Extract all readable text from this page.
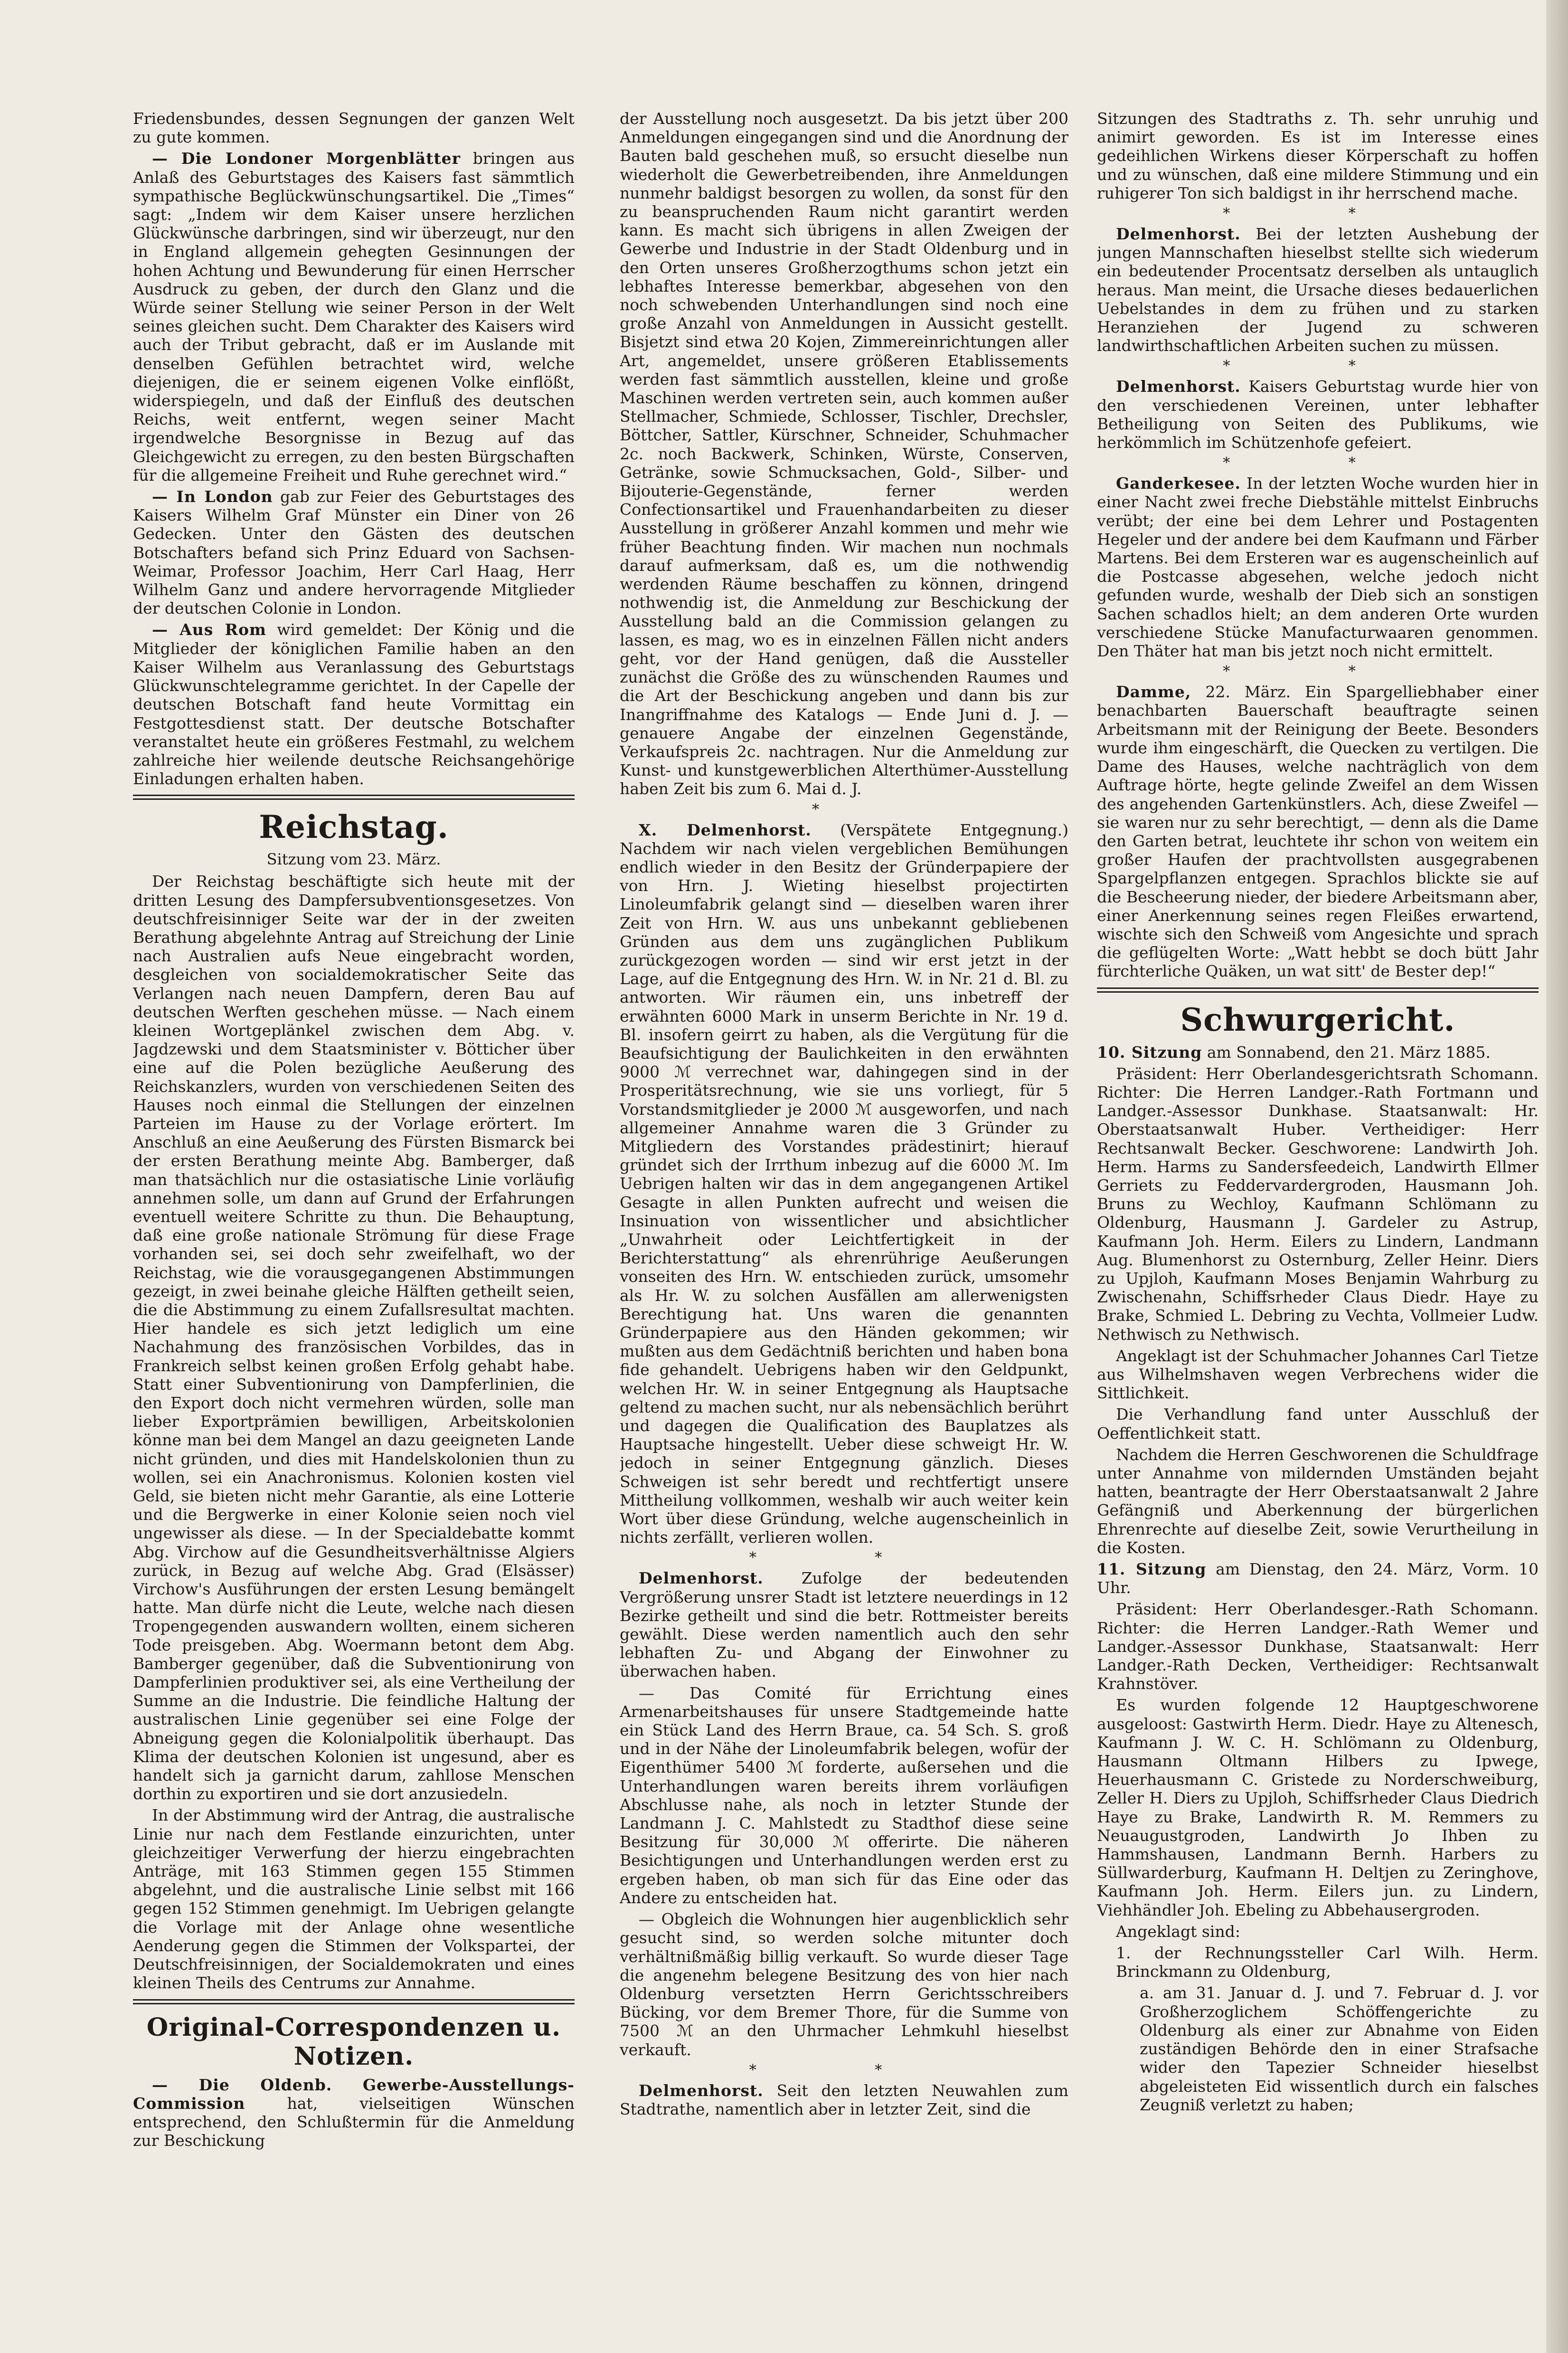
Friedensbundes, dessen Segnungen der ganzen Welt zu gute kommen.

— Die Londoner Morgenblätter bringen aus Anlaß des Geburtstages des Kaisers fast sämmtlich sympathische Beglückwünschungsartikel. Die „Times“ sagt: „Indem wir dem Kaiser unsere herzlichen Glückwünsche darbringen, sind wir überzeugt, nur den in England allgemein gehegten Gesinnungen der hohen Achtung und Bewunderung für einen Herrscher Ausdruck zu geben, der durch den Glanz und die Würde seiner Stellung wie seiner Person in der Welt seines gleichen sucht. Dem Charakter des Kaisers wird auch der Tribut gebracht, daß er im Auslande mit denselben Gefühlen betrachtet wird, welche diejenigen, die er seinem eigenen Volke einflößt, widerspiegeln, und daß der Einfluß des deutschen Reichs, weit entfernt, wegen seiner Macht irgendwelche Besorgnisse in Bezug auf das Gleichgewicht zu erregen, zu den besten Bürgschaften für die allgemeine Freiheit und Ruhe gerechnet wird.“

— In London gab zur Feier des Geburtstages des Kaisers Wilhelm Graf Münster ein Diner von 26 Gedecken. Unter den Gästen des deutschen Botschafters befand sich Prinz Eduard von Sachsen-Weimar, Professor Joachim, Herr Carl Haag, Herr Wilhelm Ganz und andere hervorragende Mitglieder der deutschen Colonie in London.

— Aus Rom wird gemeldet: Der König und die Mitglieder der königlichen Familie haben an den Kaiser Wilhelm aus Veranlassung des Geburtstags Glückwunschtelegramme gerichtet. In der Capelle der deutschen Botschaft fand heute Vormittag ein Festgottesdienst statt. Der deutsche Botschafter veranstaltet heute ein größeres Festmahl, zu welchem zahlreiche hier weilende deutsche Reichsangehörige Einladungen erhalten haben.

Reichstag.
Sitzung vom 23. März.

Der Reichstag beschäftigte sich heute mit der dritten Lesung des Dampfersubventionsgesetzes. Von deutschfreisinniger Seite war der in der zweiten Berathung abgelehnte Antrag auf Streichung der Linie nach Australien aufs Neue eingebracht worden, desgleichen von socialdemokratischer Seite das Verlangen nach neuen Dampfern, deren Bau auf deutschen Werften geschehen müsse. — Nach einem kleinen Wortgeplänkel zwischen dem Abg. v. Jagdzewski und dem Staatsminister v. Bötticher über eine auf die Polen bezügliche Aeußerung des Reichskanzlers, wurden von verschiedenen Seiten des Hauses noch einmal die Stellungen der einzelnen Parteien im Hause zu der Vorlage erörtert. Im Anschluß an eine Aeußerung des Fürsten Bismarck bei der ersten Berathung meinte Abg. Bamberger, daß man thatsächlich nur die ostasiatische Linie vorläufig annehmen solle, um dann auf Grund der Erfahrungen eventuell weitere Schritte zu thun. Die Behauptung, daß eine große nationale Strömung für diese Frage vorhanden sei, sei doch sehr zweifelhaft, wo der Reichstag, wie die vorausgegangenen Abstimmungen gezeigt, in zwei beinahe gleiche Hälften getheilt seien, die die Abstimmung zu einem Zufallsresultat machten. Hier handele es sich jetzt lediglich um eine Nachahmung des französischen Vorbildes, das in Frankreich selbst keinen großen Erfolg gehabt habe. Statt einer Subventionirung von Dampferlinien, die den Export doch nicht vermehren würden, solle man lieber Exportprämien bewilligen, Arbeitskolonien könne man bei dem Mangel an dazu geeigneten Lande nicht gründen, und dies mit Handelskolonien thun zu wollen, sei ein Anachronismus. Kolonien kosten viel Geld, sie bieten nicht mehr Garantie, als eine Lotterie und die Bergwerke in einer Kolonie seien noch viel ungewisser als diese. — In der Specialdebatte kommt Abg. Virchow auf die Gesundheitsverhältnisse Algiers zurück, in Bezug auf welche Abg. Grad (Elsässer) Virchow's Ausführungen der ersten Lesung bemängelt hatte. Man dürfe nicht die Leute, welche nach diesen Tropengegenden auswandern wollten, einem sicheren Tode preisgeben. Abg. Woermann betont dem Abg. Bamberger gegenüber, daß die Subventionirung von Dampferlinien produktiver sei, als eine Vertheilung der Summe an die Industrie. Die feindliche Haltung der australischen Linie gegenüber sei eine Folge der Abneigung gegen die Kolonialpolitik überhaupt. Das Klima der deutschen Kolonien ist ungesund, aber es handelt sich ja garnicht darum, zahllose Menschen dorthin zu exportiren und sie dort anzusiedeln.

In der Abstimmung wird der Antrag, die australische Linie nur nach dem Festlande einzurichten, unter gleichzeitiger Verwerfung der hierzu eingebrachten Anträge, mit 163 Stimmen gegen 155 Stimmen abgelehnt, und die australische Linie selbst mit 166 gegen 152 Stimmen genehmigt. Im Uebrigen gelangte die Vorlage mit der Anlage ohne wesentliche Aenderung gegen die Stimmen der Volkspartei, der Deutschfreisinnigen, der Socialdemokraten und eines kleinen Theils des Centrums zur Annahme.

Original-Correspondenzen u. Notizen.

— Die Oldenb. Gewerbe-Ausstellungs-Commission	hat, vielseitigen Wünschen entsprechend, den Schlußtermin für die Anmeldung zur Beschickung

der Ausstellung noch ausgesetzt. Da bis jetzt über 200 Anmeldungen eingegangen sind und die Anordnung der Bauten bald geschehen muß, so ersucht dieselbe nun wiederholt die Gewerbetreibenden, ihre Anmeldungen nunmehr baldigst besorgen zu wollen, da sonst für den zu beanspruchenden Raum nicht garantirt werden kann. Es macht sich übrigens in allen Zweigen der Gewerbe und Industrie in der Stadt Oldenburg und in den Orten unseres Großherzogthums schon jetzt ein lebhaftes Interesse bemerkbar, abgesehen von den noch schwebenden Unterhandlungen sind noch eine große Anzahl von Anmeldungen in Aussicht gestellt. Bisjetzt sind etwa 20 Kojen, Zimmereinrichtungen aller Art, angemeldet, unsere größeren Etablissements werden fast sämmtlich ausstellen, kleine und große Maschinen werden vertreten sein, auch kommen außer Stellmacher, Schmiede, Schlosser, Tischler, Drechsler, Böttcher, Sattler, Kürschner, Schneider, Schuhmacher 2c. noch Backwerk, Schinken, Würste, Conserven, Getränke, sowie Schmucksachen, Gold-, Silber- und Bijouterie-Gegenstände, ferner werden Confectionsartikel und Frauenhandarbeiten zu dieser Ausstellung in größerer Anzahl kommen und mehr wie früher Beachtung finden. Wir machen nun nochmals darauf aufmerksam, daß es, um die nothwendig werdenden Räume beschaffen zu können, dringend nothwendig ist, die Anmeldung zur Beschickung der Ausstellung bald an die Commission gelangen zu lassen, es mag, wo es in einzelnen Fällen nicht anders geht, vor der Hand genügen, daß die Aussteller zunächst die Größe des zu wünschenden Raumes und die Art der Beschickung angeben und dann bis zur Inangriffnahme des Katalogs — Ende Juni d. J. — genauere Angabe der einzelnen Gegenstände, Verkaufspreis 2c. nachtragen. Nur die Anmeldung zur Kunst- und kunstgewerblichen Alterthümer-Ausstellung haben Zeit bis zum 6. Mai d. J.

*

X. Delmenhorst. (Verspätete Entgegnung.) Nachdem wir nach vielen vergeblichen Bemühungen endlich wieder in den Besitz der Gründerpapiere der von Hrn. J. Wieting hieselbst projectirten Linoleumfabrik gelangt sind — dieselben waren ihrer Zeit von Hrn. W. aus uns unbekannt gebliebenen Gründen aus dem uns zugänglichen Publikum zurückgezogen worden — sind wir erst jetzt in der Lage, auf die Entgegnung des Hrn. W. in Nr. 21 d. Bl. zu antworten. Wir räumen ein, uns inbetreff der erwähnten 6000 Mark in unserm Berichte in Nr. 19 d. Bl. insofern geirrt zu haben, als die Vergütung für die Beaufsichtigung der Baulichkeiten in den erwähnten 9000 ℳ verrechnet war, dahingegen sind in der Prosperitätsrechnung, wie sie uns vorliegt, für 5 Vorstandsmitglieder je 2000 ℳ ausgeworfen, und nach allgemeiner Annahme waren die 3 Gründer zu Mitgliedern des Vorstandes prädestinirt; hierauf gründet sich der Irrthum inbezug auf die 6000 ℳ. Im Uebrigen halten wir das in dem angegangenen Artikel Gesagte in allen Punkten aufrecht und weisen die Insinuation von wissentlicher und absichtlicher „Unwahrheit oder Leichtfertigkeit in der Berichterstattung“ als ehrenrührige Aeußerungen vonseiten des Hrn. W. entschieden zurück, umsomehr als Hr. W. zu solchen Ausfällen am allerwenigsten Berechtigung hat. Uns waren die genannten Gründerpapiere aus den Händen gekommen; wir mußten aus dem Gedächtniß berichten und haben bona fide gehandelt. Uebrigens haben wir den Geldpunkt, welchen Hr. W. in seiner Entgegnung als Hauptsache geltend zu machen sucht, nur als nebensächlich berührt und dagegen die Qualification des Bauplatzes als Hauptsache hingestellt. Ueber diese schweigt Hr. W. jedoch in seiner Entgegnung gänzlich. Dieses Schweigen ist sehr beredt und rechtfertigt unsere Mittheilung vollkommen, weshalb wir auch weiter kein Wort über diese Gründung, welche augenscheinlich in nichts zerfällt, verlieren wollen.

* *

Delmenhorst. Zufolge der bedeutenden Vergrößerung unsrer Stadt ist letztere neuerdings in 12 Bezirke getheilt und sind die betr. Rottmeister bereits gewählt. Diese werden namentlich auch den sehr lebhaften Zu- und Abgang der Einwohner zu überwachen haben.

— Das Comité für Errichtung eines Armenarbeitshauses für unsere Stadtgemeinde hatte ein Stück Land des Herrn Braue, ca. 54 Sch. S. groß und in der Nähe der Linoleumfabrik belegen, wofür der Eigenthümer 5400 ℳ forderte, außersehen und die Unterhandlungen waren bereits ihrem vorläufigen Abschlusse nahe, als noch in letzter Stunde der Landmann J. C. Mahlstedt zu Stadthof diese seine Besitzung für 30,000 ℳ offerirte. Die näheren Besichtigungen und Unterhandlungen werden erst zu ergeben haben, ob man sich für das Eine oder das Andere zu entscheiden hat.

— Obgleich die Wohnungen hier augenblicklich sehr gesucht sind, so werden solche mitunter doch verhältnißmäßig billig verkauft. So wurde dieser Tage die angenehm belegene Besitzung des von hier nach Oldenburg versetzten Herrn Gerichtsschreibers Bücking, vor dem Bremer Thore, für die Summe von 7500 ℳ an den Uhrmacher Lehmkuhl hieselbst verkauft.

* *

Delmenhorst. Seit den letzten Neuwahlen zum Stadtrathe, namentlich aber in letzter Zeit, sind die

Sitzungen des Stadtraths z. Th. sehr unruhig und animirt geworden. Es ist im Interesse eines gedeihlichen Wirkens dieser Körperschaft zu hoffen und zu wünschen, daß eine mildere Stimmung und ein ruhigerer Ton sich baldigst in ihr herrschend mache.

* *

Delmenhorst. Bei der letzten Aushebung der jungen Mannschaften hieselbst stellte sich wiederum ein bedeutender Procentsatz derselben als untauglich heraus. Man meint, die Ursache dieses bedauerlichen Uebelstandes in dem zu frühen und zu starken Heranziehen der Jugend zu schweren landwirthschaftlichen Arbeiten suchen zu müssen.

* *

Delmenhorst. Kaisers Geburtstag wurde hier von den verschiedenen Vereinen, unter lebhafter Betheiligung von Seiten des Publikums, wie herkömmlich im Schützenhofe gefeiert.

* *

Ganderkesee. In der letzten Woche wurden hier in einer Nacht zwei freche Diebstähle mittelst Einbruchs verübt; der eine bei dem Lehrer und Postagenten Hegeler und der andere bei dem Kaufmann und Färber Martens. Bei dem Ersteren war es augenscheinlich auf die Postcasse abgesehen, welche jedoch nicht gefunden wurde, weshalb der Dieb sich an sonstigen Sachen schadlos hielt; an dem anderen Orte wurden verschiedene Stücke Manufacturwaaren genommen. Den Thäter hat man bis jetzt noch nicht ermittelt.

* *

Damme, 22. März. Ein Spargelliebhaber einer benachbarten Bauerschaft beauftragte seinen Arbeitsmann mit der Reinigung der Beete. Besonders wurde ihm eingeschärft, die Quecken zu vertilgen. Die Dame des Hauses, welche nachträglich von dem Auftrage hörte, hegte gelinde Zweifel an dem Wissen des angehenden Gartenkünstlers. Ach, diese Zweifel — sie waren nur zu sehr berechtigt, — denn als die Dame den Garten betrat, leuchtete ihr schon von weitem ein großer Haufen der prachtvollsten ausgegrabenen Spargelpflanzen entgegen. Sprachlos blickte sie auf die Bescheerung nieder, der biedere Arbeitsmann aber, einer Anerkennung seines regen Fleißes erwartend, wischte sich den Schweiß vom Angesichte und sprach die geflügelten Worte: „Watt hebbt se doch bütt Jahr fürchterliche Quäken, un wat sitt' de Bester dep!“

Schwurgericht.

10. Sitzung am Sonnabend, den 21. März 1885.

Präsident: Herr Oberlandesgerichtsrath Schomann. Richter: Die Herren Landger.-Rath Fortmann und Landger.-Assessor Dunkhase. Staatsanwalt: Hr. Oberstaatsanwalt Huber. Vertheidiger: Herr Rechtsanwalt Becker. Geschworene: Landwirth Joh. Herm. Harms zu Sandersfeedeich, Landwirth Ellmer Gerriets zu Feddervardergroden, Hausmann Joh. Bruns zu Wechloy, Kaufmann Schlömann zu Oldenburg, Hausmann J. Gardeler zu Astrup, Kaufmann Joh. Herm. Eilers zu Lindern, Landmann Aug. Blumenhorst zu Osternburg, Zeller Heinr. Diers zu Upjloh, Kaufmann Moses Benjamin Wahrburg zu Zwischenahn, Schiffsrheder Claus Diedr. Haye zu Brake, Schmied L. Debring zu Vechta, Vollmeier Ludw. Nethwisch zu Nethwisch.

Angeklagt ist der Schuhmacher Johannes Carl Tietze aus Wilhelmshaven wegen Verbrechens wider die Sittlichkeit.

Die Verhandlung fand unter Ausschluß der Oeffentlichkeit statt.

Nachdem die Herren Geschworenen die Schuldfrage unter Annahme von mildernden Umständen bejaht hatten, beantragte der Herr Oberstaatsanwalt 2 Jahre Gefängniß und Aberkennung der bürgerlichen Ehrenrechte auf dieselbe Zeit, sowie Verurtheilung in die Kosten.

11. Sitzung am Dienstag, den 24. März, Vorm. 10 Uhr.

Präsident: Herr Oberlandesger.-Rath Schomann. Richter: die Herren Landger.-Rath Wemer und Landger.-Assessor Dunkhase, Staatsanwalt: Herr Landger.-Rath Decken, Vertheidiger: Rechtsanwalt Krahnstöver.

Es wurden folgende 12 Hauptgeschworene ausgeloost: Gastwirth Herm. Diedr. Haye zu Altenesch, Kaufmann J. W. C. H. Schlömann zu Oldenburg, Hausmann Oltmann Hilbers zu Ipwege, Heuerhausmann C. Gristede zu Norderschweiburg, Zeller H. Diers zu Upjloh, Schiffsrheder Claus Diedrich Haye zu Brake, Landwirth R. M. Remmers zu Neuaugustgroden, Landwirth Jo Ihben zu Hammshausen, Landmann Bernh. Harbers zu Süllwarderburg, Kaufmann H. Deltjen zu Zeringhove, Kaufmann Joh. Herm. Eilers jun. zu Lindern, Viehhändler Joh. Ebeling zu Abbehausergroden.

Angeklagt sind:

1. der Rechnungssteller Carl Wilh. Herm. Brinckmann zu Oldenburg,

a. am 31. Januar d. J. und 7. Februar d. J. vor Großherzoglichem Schöffengerichte zu Oldenburg als einer zur Abnahme von Eiden zuständigen Behörde den in einer Strafsache wider den Tapezier Schneider hieselbst abgeleisteten Eid wissentlich durch ein falsches Zeugniß verletzt zu haben;
